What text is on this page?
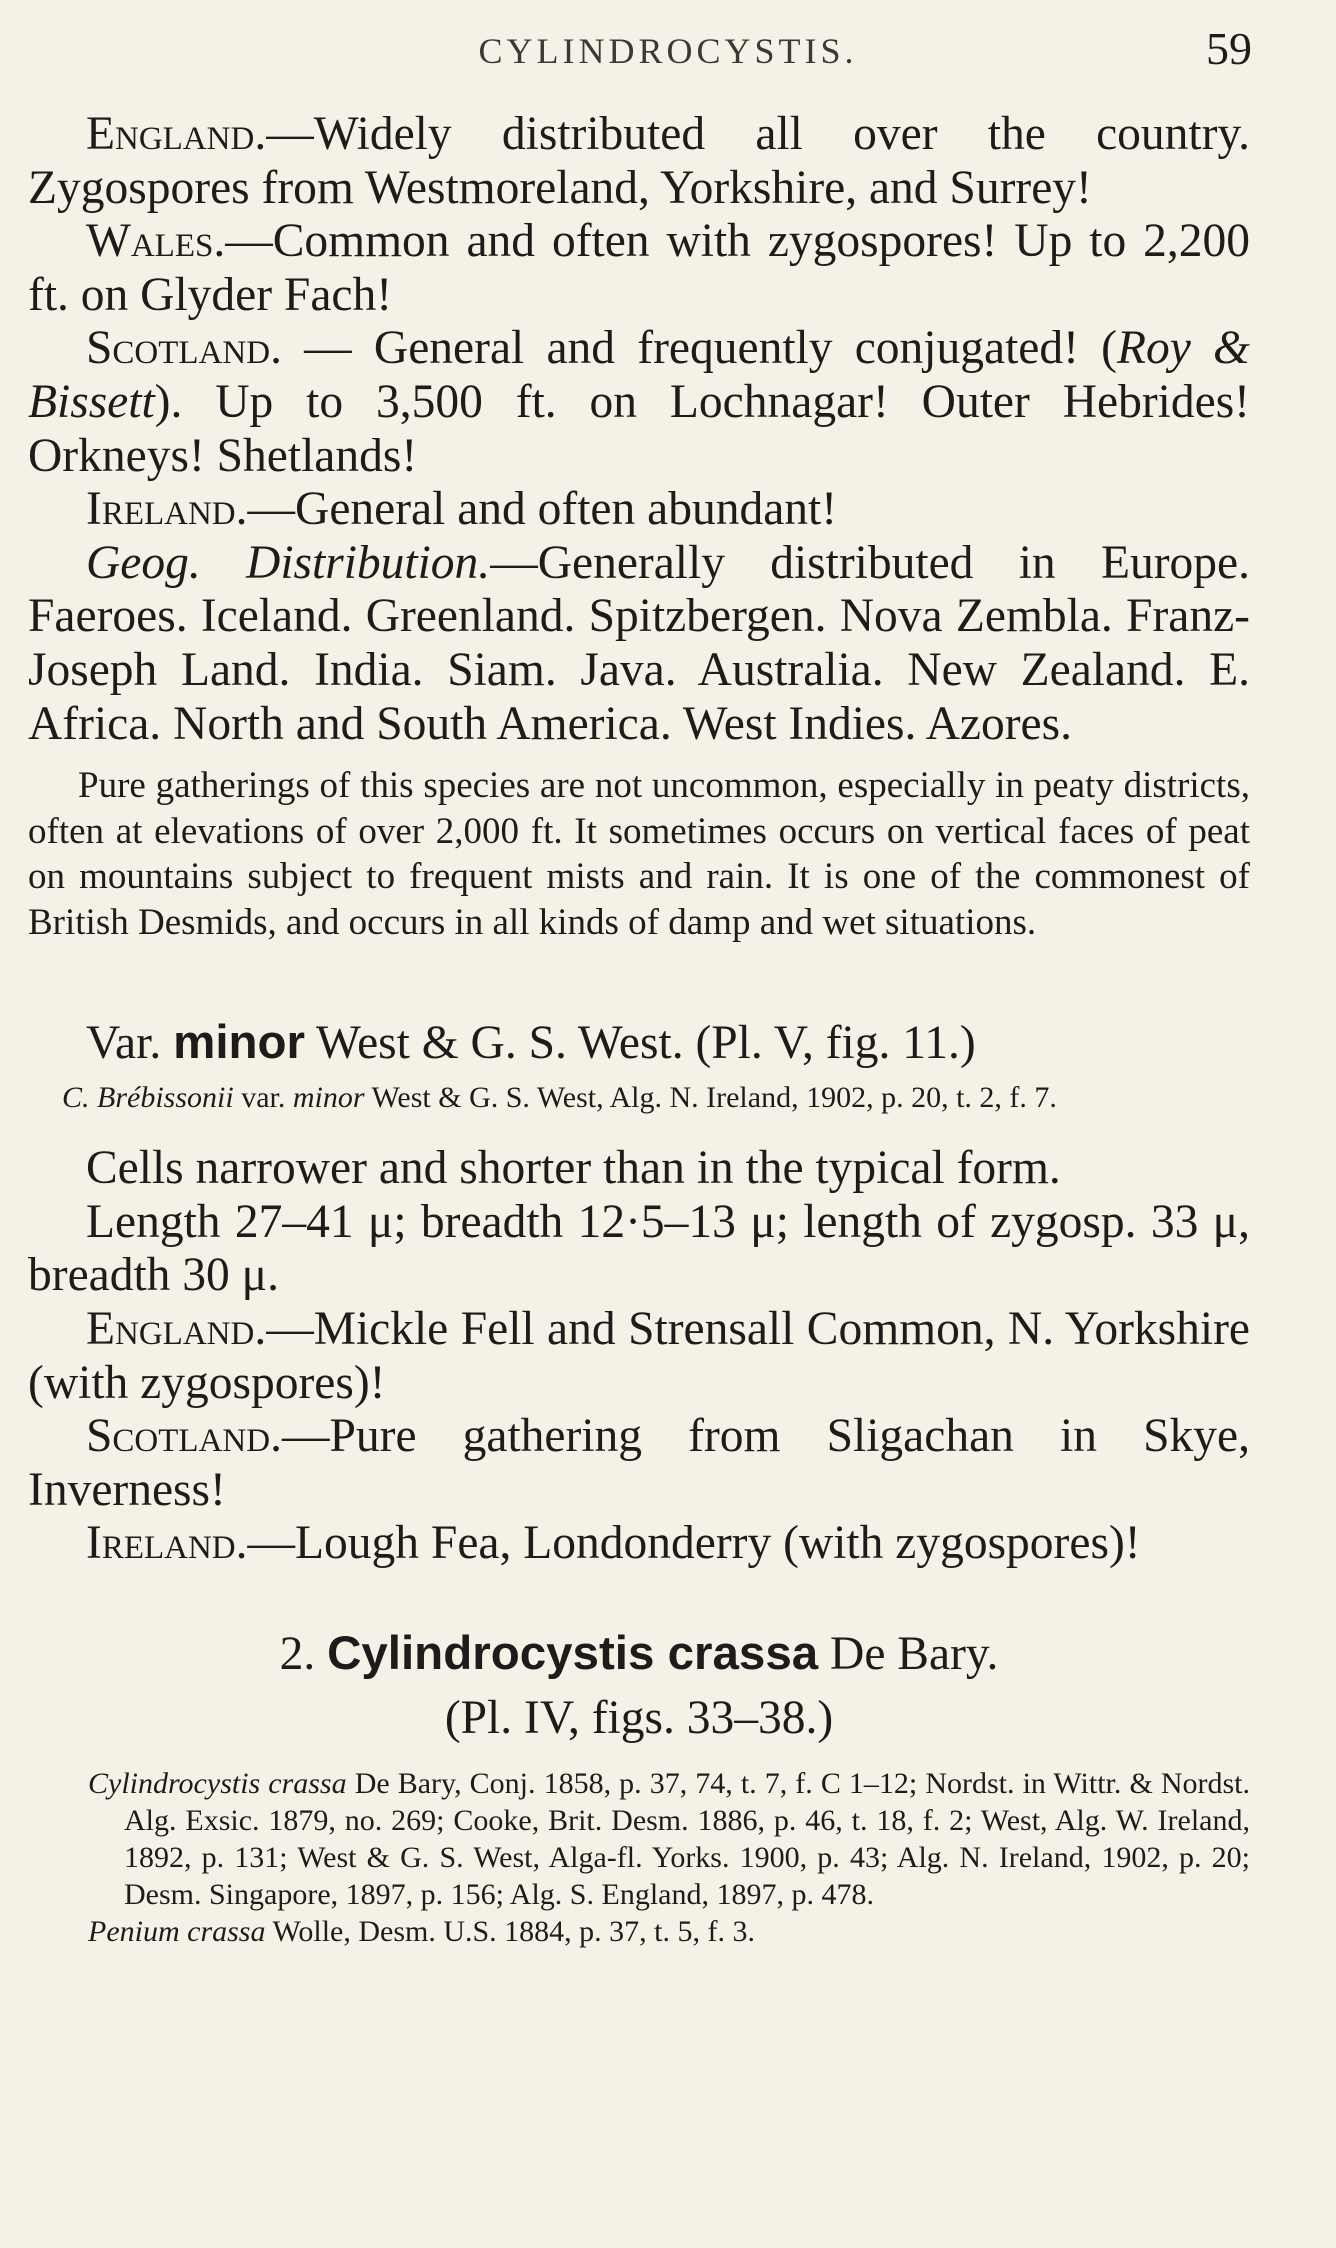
CYLINDROCYSTIS.	59

England.—Widely distributed all over the country. Zygospores from Westmoreland, Yorkshire, and Surrey!

Wales.—Common and often with zygospores! Up to 2,200 ft. on Glyder Fach!

Scotland. — General and frequently conjugated! (Roy & Bissett). Up to 3,500 ft. on Lochnagar! Outer Hebrides! Orkneys! Shetlands!

Ireland.—General and often abundant!

Geog. Distribution.—Generally distributed in Europe. Faeroes. Iceland. Greenland. Spitzbergen. Nova Zembla. Franz-Joseph Land. India. Siam. Java. Australia. New Zealand. E. Africa. North and South America. West Indies. Azores.

Pure gatherings of this species are not uncommon, especially in peaty districts, often at elevations of over 2,000 ft. It sometimes occurs on vertical faces of peat on mountains subject to frequent mists and rain. It is one of the commonest of British Desmids, and occurs in all kinds of damp and wet situations.

Var. minor West & G. S. West. (Pl. V, fig. 11.)

C. Brébissonii var. minor West & G. S. West, Alg. N. Ireland, 1902, p. 20, t. 2, f. 7.

Cells narrower and shorter than in the typical form.

Length 27–41 μ; breadth 12·5–13 μ; length of zygosp. 33 μ, breadth 30 μ.

England.—Mickle Fell and Strensall Common, N. Yorkshire (with zygospores)!

Scotland.—Pure gathering from Sligachan in Skye, Inverness!

Ireland.—Lough Fea, Londonderry (with zygospores)!

2. Cylindrocystis crassa De Bary.
(Pl. IV, figs. 33–38.)

Cylindrocystis crassa De Bary, Conj. 1858, p. 37, 74, t. 7, f. C 1–12; Nordst. in Wittr. & Nordst. Alg. Exsic. 1879, no. 269; Cooke, Brit. Desm. 1886, p. 46, t. 18, f. 2; West, Alg. W. Ireland, 1892, p. 131; West & G. S. West, Alga-fl. Yorks. 1900, p. 43; Alg. N. Ireland, 1902, p. 20; Desm. Singapore, 1897, p. 156; Alg. S. England, 1897, p. 478.

Penium crassa Wolle, Desm. U.S. 1884, p. 37, t. 5, f. 3.
